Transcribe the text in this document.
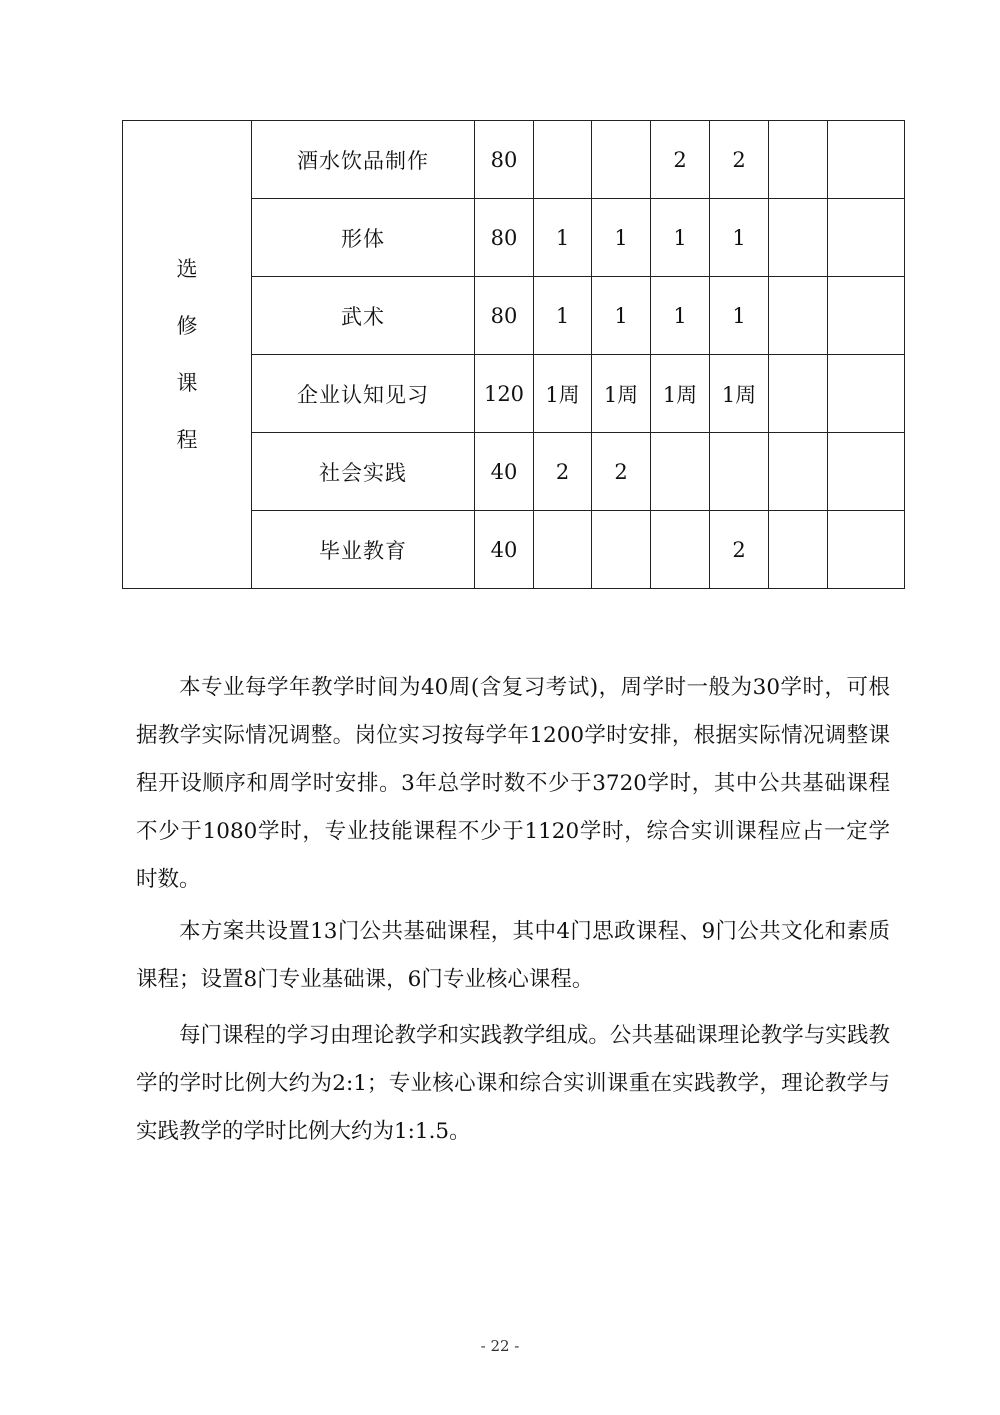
选
修
课
程	酒水饮品制作	80			2	2		
	形体	80	1	1	1	1		
	武术	80	1	1	1	1		
	企业认知见习	120	1周	1周	1周	1周		
	社会实践	40	2	2				
	毕业教育	40				2		

本专业每学年教学时间为40周(含复习考试)，周学时一般为30学时，可根据教学实际情况调整。岗位实习按每学年1200学时安排，根据实际情况调整课程开设顺序和周学时安排。3年总学时数不少于3720学时，其中公共基础课程不少于1080学时，专业技能课程不少于1120学时，综合实训课程应占一定学时数。

本方案共设置13门公共基础课程，其中4门思政课程、9门公共文化和素质课程；设置8门专业基础课，6门专业核心课程。

每门课程的学习由理论教学和实践教学组成。公共基础课理论教学与实践教学的学时比例大约为2:1；专业核心课和综合实训课重在实践教学，理论教学与实践教学的学时比例大约为1:1.5。

- 22 -
